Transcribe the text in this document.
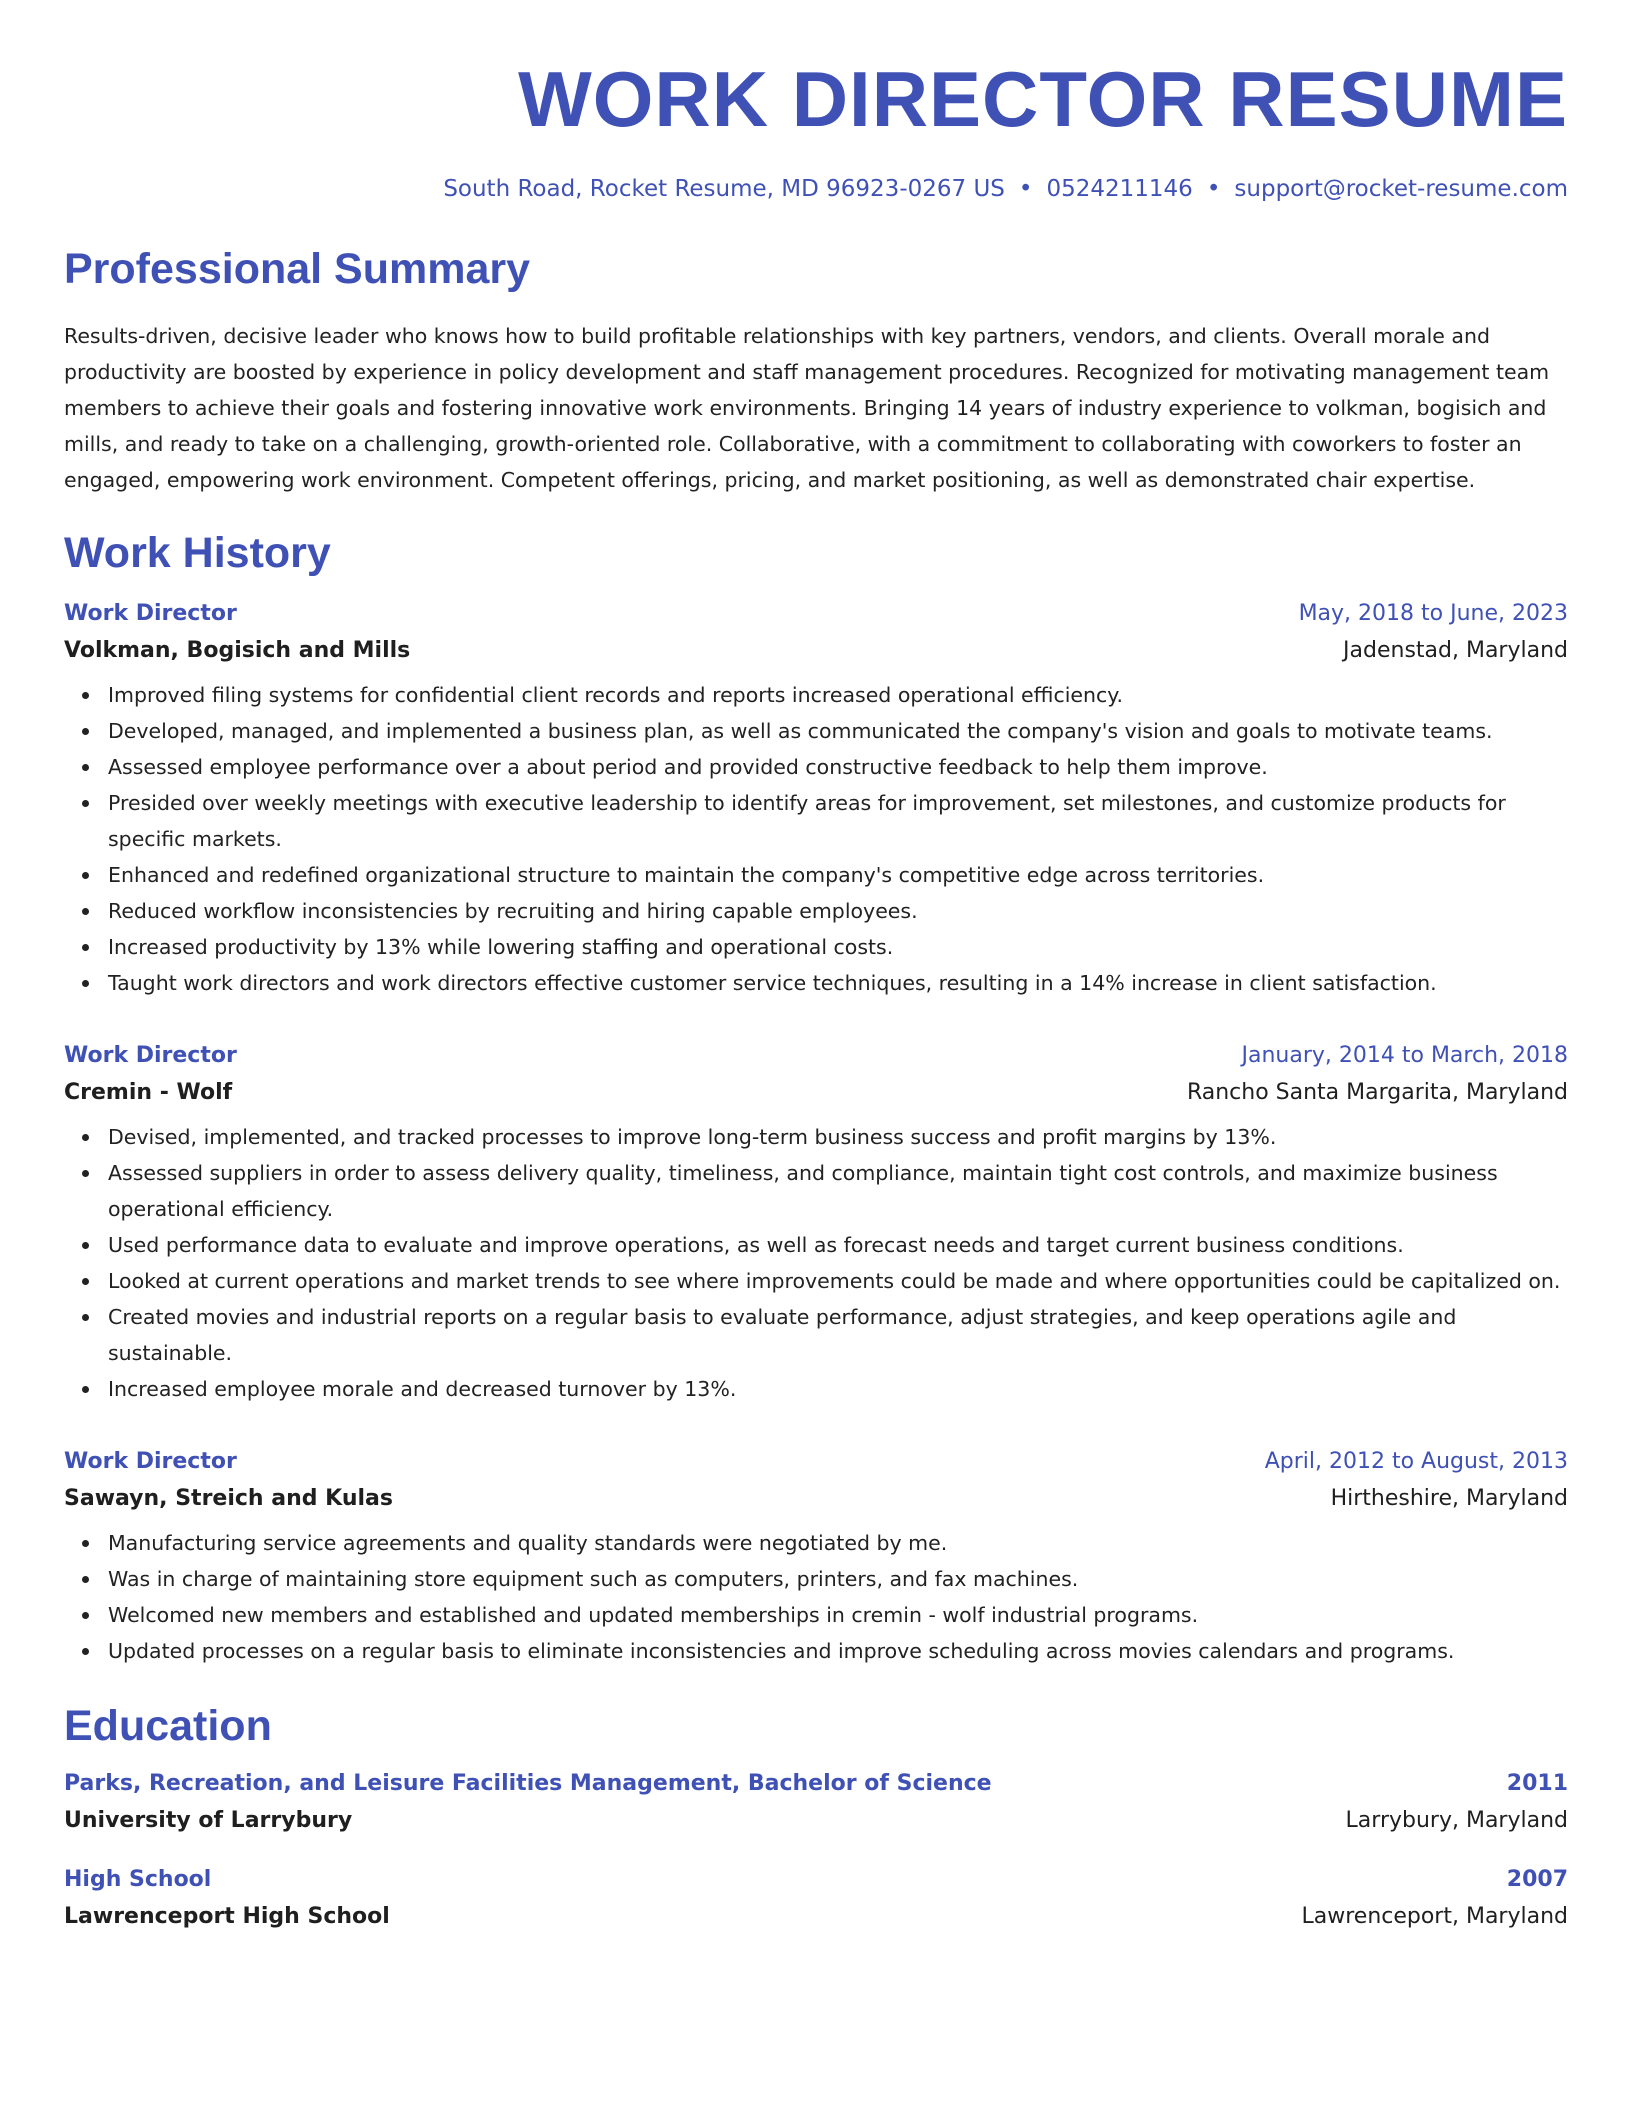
WORK DIRECTOR RESUME
South Road, Rocket Resume, MD 96923-0267 US • 0524211146 • support@rocket-resume.com
Professional Summary

Results-driven, decisive leader who knows how to build profitable relationships with key partners, vendors, and clients. Overall morale and productivity are boosted by experience in policy development and staff management procedures. Recognized for motivating management team members to achieve their goals and fostering innovative work environments. Bringing 14 years of industry experience to volkman, bogisich and mills, and ready to take on a challenging, growth-oriented role. Collaborative, with a commitment to collaborating with coworkers to foster an engaged, empowering work environment. Competent offerings, pricing, and market positioning, as well as demonstrated chair expertise.

Work History
Work Director	May, 2018 to June, 2023
Volkman, Bogisich and Mills	Jadenstad, Maryland
Improved filing systems for confidential client records and reports increased operational efficiency.
Developed, managed, and implemented a business plan, as well as communicated the company's vision and goals to motivate teams.
Assessed employee performance over a about period and provided constructive feedback to help them improve.
Presided over weekly meetings with executive leadership to identify areas for improvement, set milestones, and customize products for specific markets.
Enhanced and redefined organizational structure to maintain the company's competitive edge across territories.
Reduced workflow inconsistencies by recruiting and hiring capable employees.
Increased productivity by 13% while lowering staffing and operational costs.
Taught work directors and work directors effective customer service techniques, resulting in a 14% increase in client satisfaction.
Work Director	January, 2014 to March, 2018
Cremin - Wolf	Rancho Santa Margarita, Maryland
Devised, implemented, and tracked processes to improve long-term business success and profit margins by 13%.
Assessed suppliers in order to assess delivery quality, timeliness, and compliance, maintain tight cost controls, and maximize business operational efficiency.
Used performance data to evaluate and improve operations, as well as forecast needs and target current business conditions.
Looked at current operations and market trends to see where improvements could be made and where opportunities could be capitalized on.
Created movies and industrial reports on a regular basis to evaluate performance, adjust strategies, and keep operations agile and sustainable.
Increased employee morale and decreased turnover by 13%.
Work Director	April, 2012 to August, 2013
Sawayn, Streich and Kulas	Hirtheshire, Maryland
Manufacturing service agreements and quality standards were negotiated by me.
Was in charge of maintaining store equipment such as computers, printers, and fax machines.
Welcomed new members and established and updated memberships in cremin - wolf industrial programs.
Updated processes on a regular basis to eliminate inconsistencies and improve scheduling across movies calendars and programs.
Education
Parks, Recreation, and Leisure Facilities Management, Bachelor of Science	2011
University of Larrybury	Larrybury, Maryland
High School	2007
Lawrenceport High School	Lawrenceport, Maryland
